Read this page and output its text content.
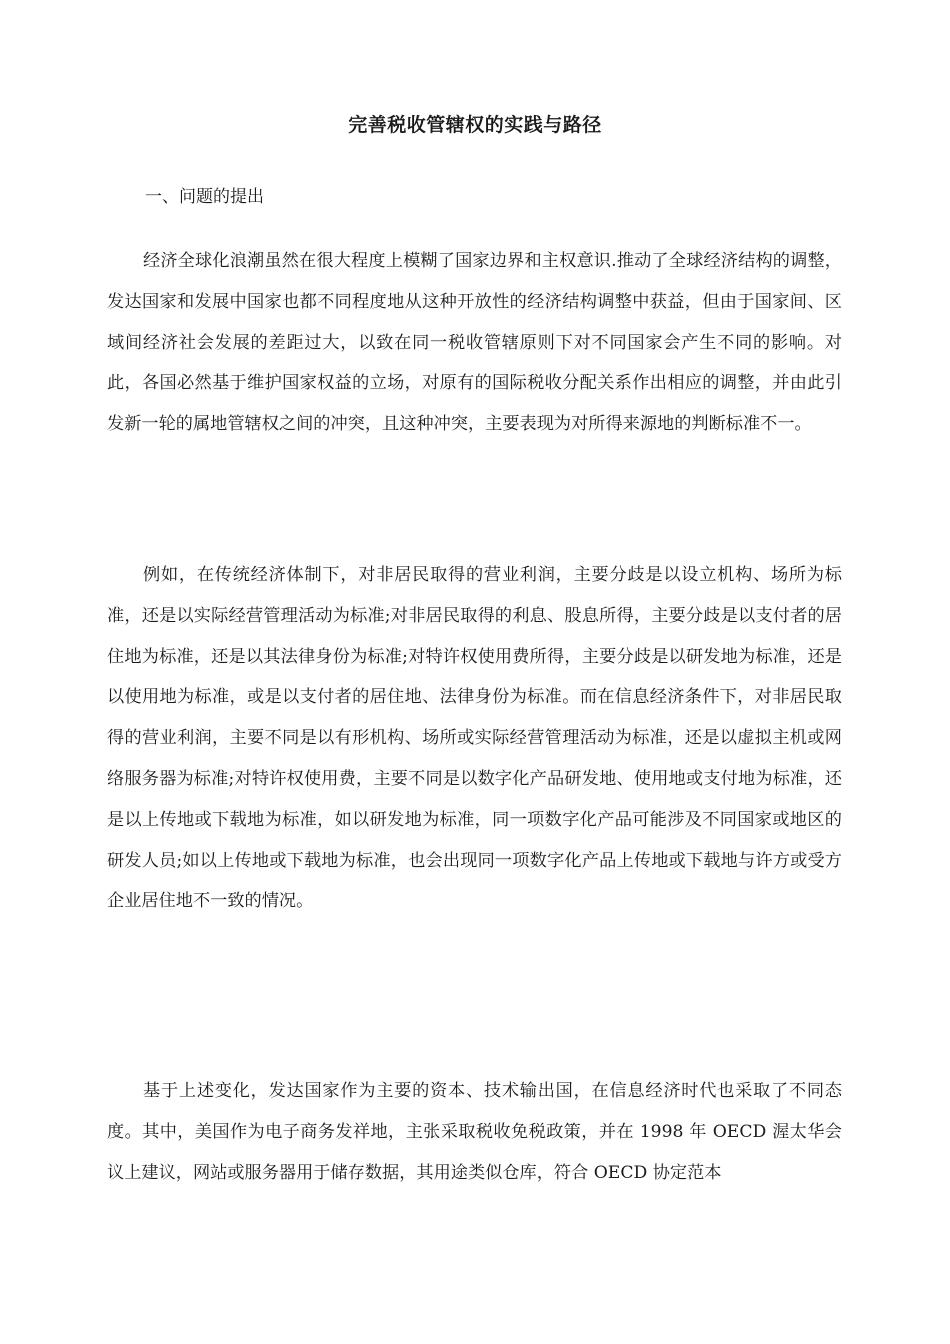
完善税收管辖权的实践与路径

一、问题的提出

经济全球化浪潮虽然在很大程度上模糊了国家边界和主权意识.推动了全球经济结构的调整，发达国家和发展中国家也都不同程度地从这种开放性的经济结构调整中获益，但由于国家间、区域间经济社会发展的差距过大，以致在同一税收管辖原则下对不同国家会产生不同的影响。对此，各国必然基于维护国家权益的立场，对原有的国际税收分配关系作出相应的调整，并由此引发新一轮的属地管辖权之间的冲突，且这种冲突，主要表现为对所得来源地的判断标准不一。

例如，在传统经济体制下，对非居民取得的营业利润，主要分歧是以设立机构、场所为标准，还是以实际经营管理活动为标准;对非居民取得的利息、股息所得，主要分歧是以支付者的居住地为标准，还是以其法律身份为标准;对特许权使用费所得，主要分歧是以研发地为标准，还是以使用地为标准，或是以支付者的居住地、法律身份为标准。而在信息经济条件下，对非居民取得的营业利润，主要不同是以有形机构、场所或实际经营管理活动为标准，还是以虚拟主机或网络服务器为标准;对特许权使用费，主要不同是以数字化产品研发地、使用地或支付地为标准，还是以上传地或下载地为标准，如以研发地为标准，同一项数字化产品可能涉及不同国家或地区的研发人员;如以上传地或下载地为标准，也会出现同一项数字化产品上传地或下载地与许方或受方企业居住地不一致的情况。

基于上述变化，发达国家作为主要的资本、技术输出国，在信息经济时代也采取了不同态度。其中，美国作为电子商务发祥地，主张采取税收免税政策，并在 1998 年 OECD 渥太华会议上建议，网站或服务器用于储存数据，其用途类似仓库，符合 OECD 协定范本
